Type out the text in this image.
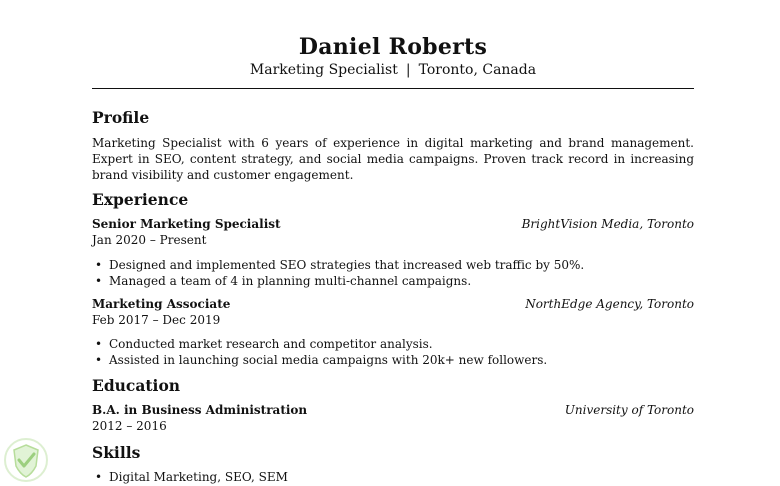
Daniel Roberts
Marketing Specialist | Toronto, Canada
Profile
Marketing Specialist with 6 years of experience in digital marketing and brand management. Expert in SEO, content strategy, and social media campaigns. Proven track record in increasing brand visibility and customer engagement.
Experience
Senior Marketing Specialist	BrightVision Media, Toronto
Jan 2020 – Present
• Designed and implemented SEO strategies that increased web traffic by 50%.
• Managed a team of 4 in planning multi-channel campaigns.
Marketing Associate	NorthEdge Agency, Toronto
Feb 2017 – Dec 2019
• Conducted market research and competitor analysis.
• Assisted in launching social media campaigns with 20k+ new followers.
Education
B.A. in Business Administration	University of Toronto
2012 – 2016
Skills
• Digital Marketing, SEO, SEM
